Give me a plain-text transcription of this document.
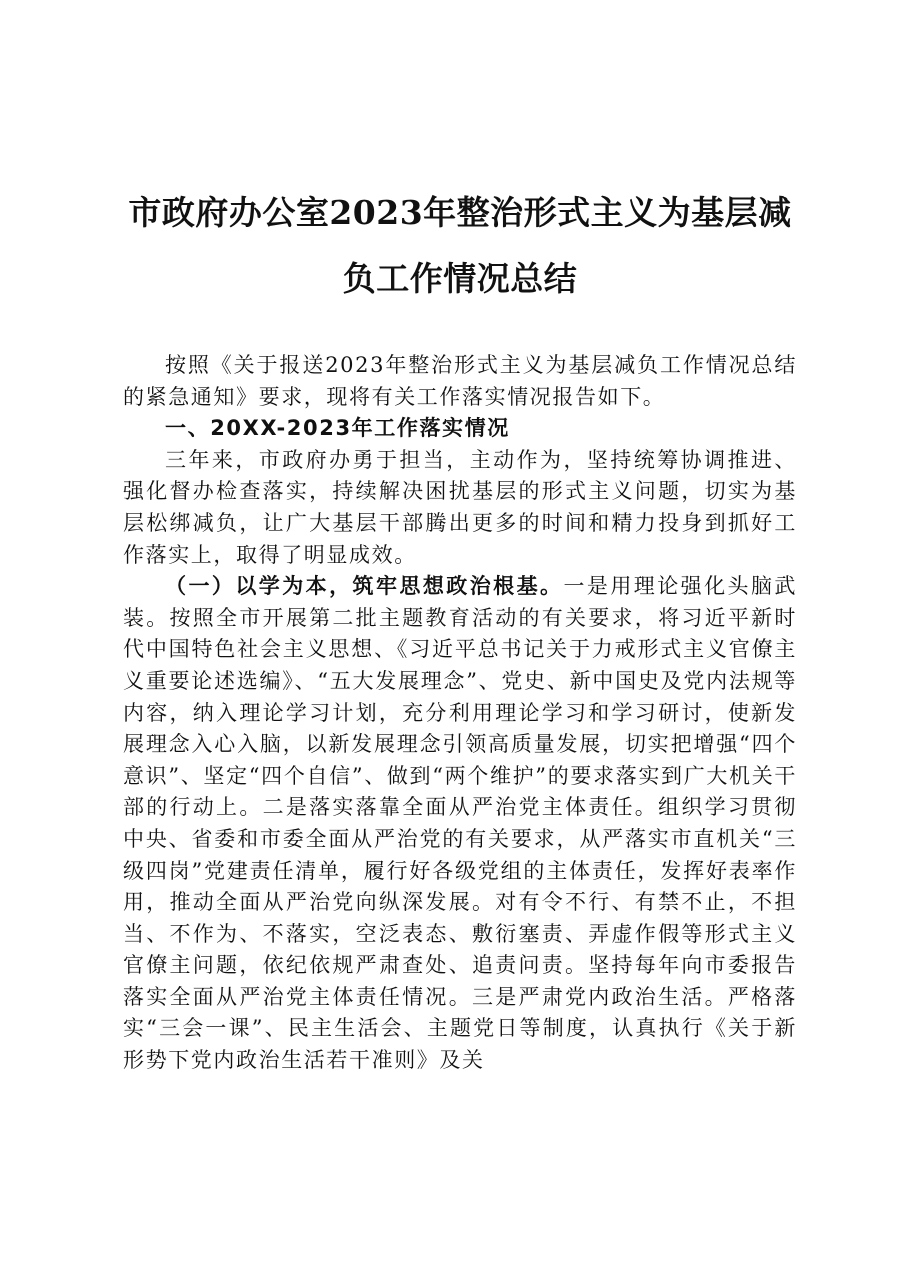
市政府办公室2023年整治形式主义为基层减
负工作情况总结

按照《关于报送2023年整治形式主义为基层减负工作情况总结的紧急通知》要求，现将有关工作落实情况报告如下。

一、20XX-2023年工作落实情况

三年来，市政府办勇于担当，主动作为，坚持统筹协调推进、强化督办检查落实，持续解决困扰基层的形式主义问题，切实为基层松绑减负，让广大基层干部腾出更多的时间和精力投身到抓好工作落实上，取得了明显成效。

（一）以学为本，筑牢思想政治根基。一是用理论强化头脑武装。按照全市开展第二批主题教育活动的有关要求，将习近平新时代中国特色社会主义思想、《习近平总书记关于力戒形式主义官僚主义重要论述选编》、“五大发展理念”、党史、新中国史及党内法规等内容，纳入理论学习计划，充分利用理论学习和学习研讨，使新发展理念入心入脑，以新发展理念引领高质量发展，切实把增强“四个意识”、坚定“四个自信”、做到“两个维护”的要求落实到广大机关干部的行动上。二是落实落靠全面从严治党主体责任。组织学习贯彻中央、省委和市委全面从严治党的有关要求，从严落实市直机关“三级四岗”党建责任清单，履行好各级党组的主体责任，发挥好表率作用，推动全面从严治党向纵深发展。对有令不行、有禁不止，不担当、不作为、不落实，空泛表态、敷衍塞责、弄虚作假等形式主义官僚主问题，依纪依规严肃查处、追责问责。坚持每年向市委报告落实全面从严治党主体责任情况。三是严肃党内政治生活。严格落实“三会一课”、民主生活会、主题党日等制度，认真执行《关于新形势下党内政治生活若干准则》及关
